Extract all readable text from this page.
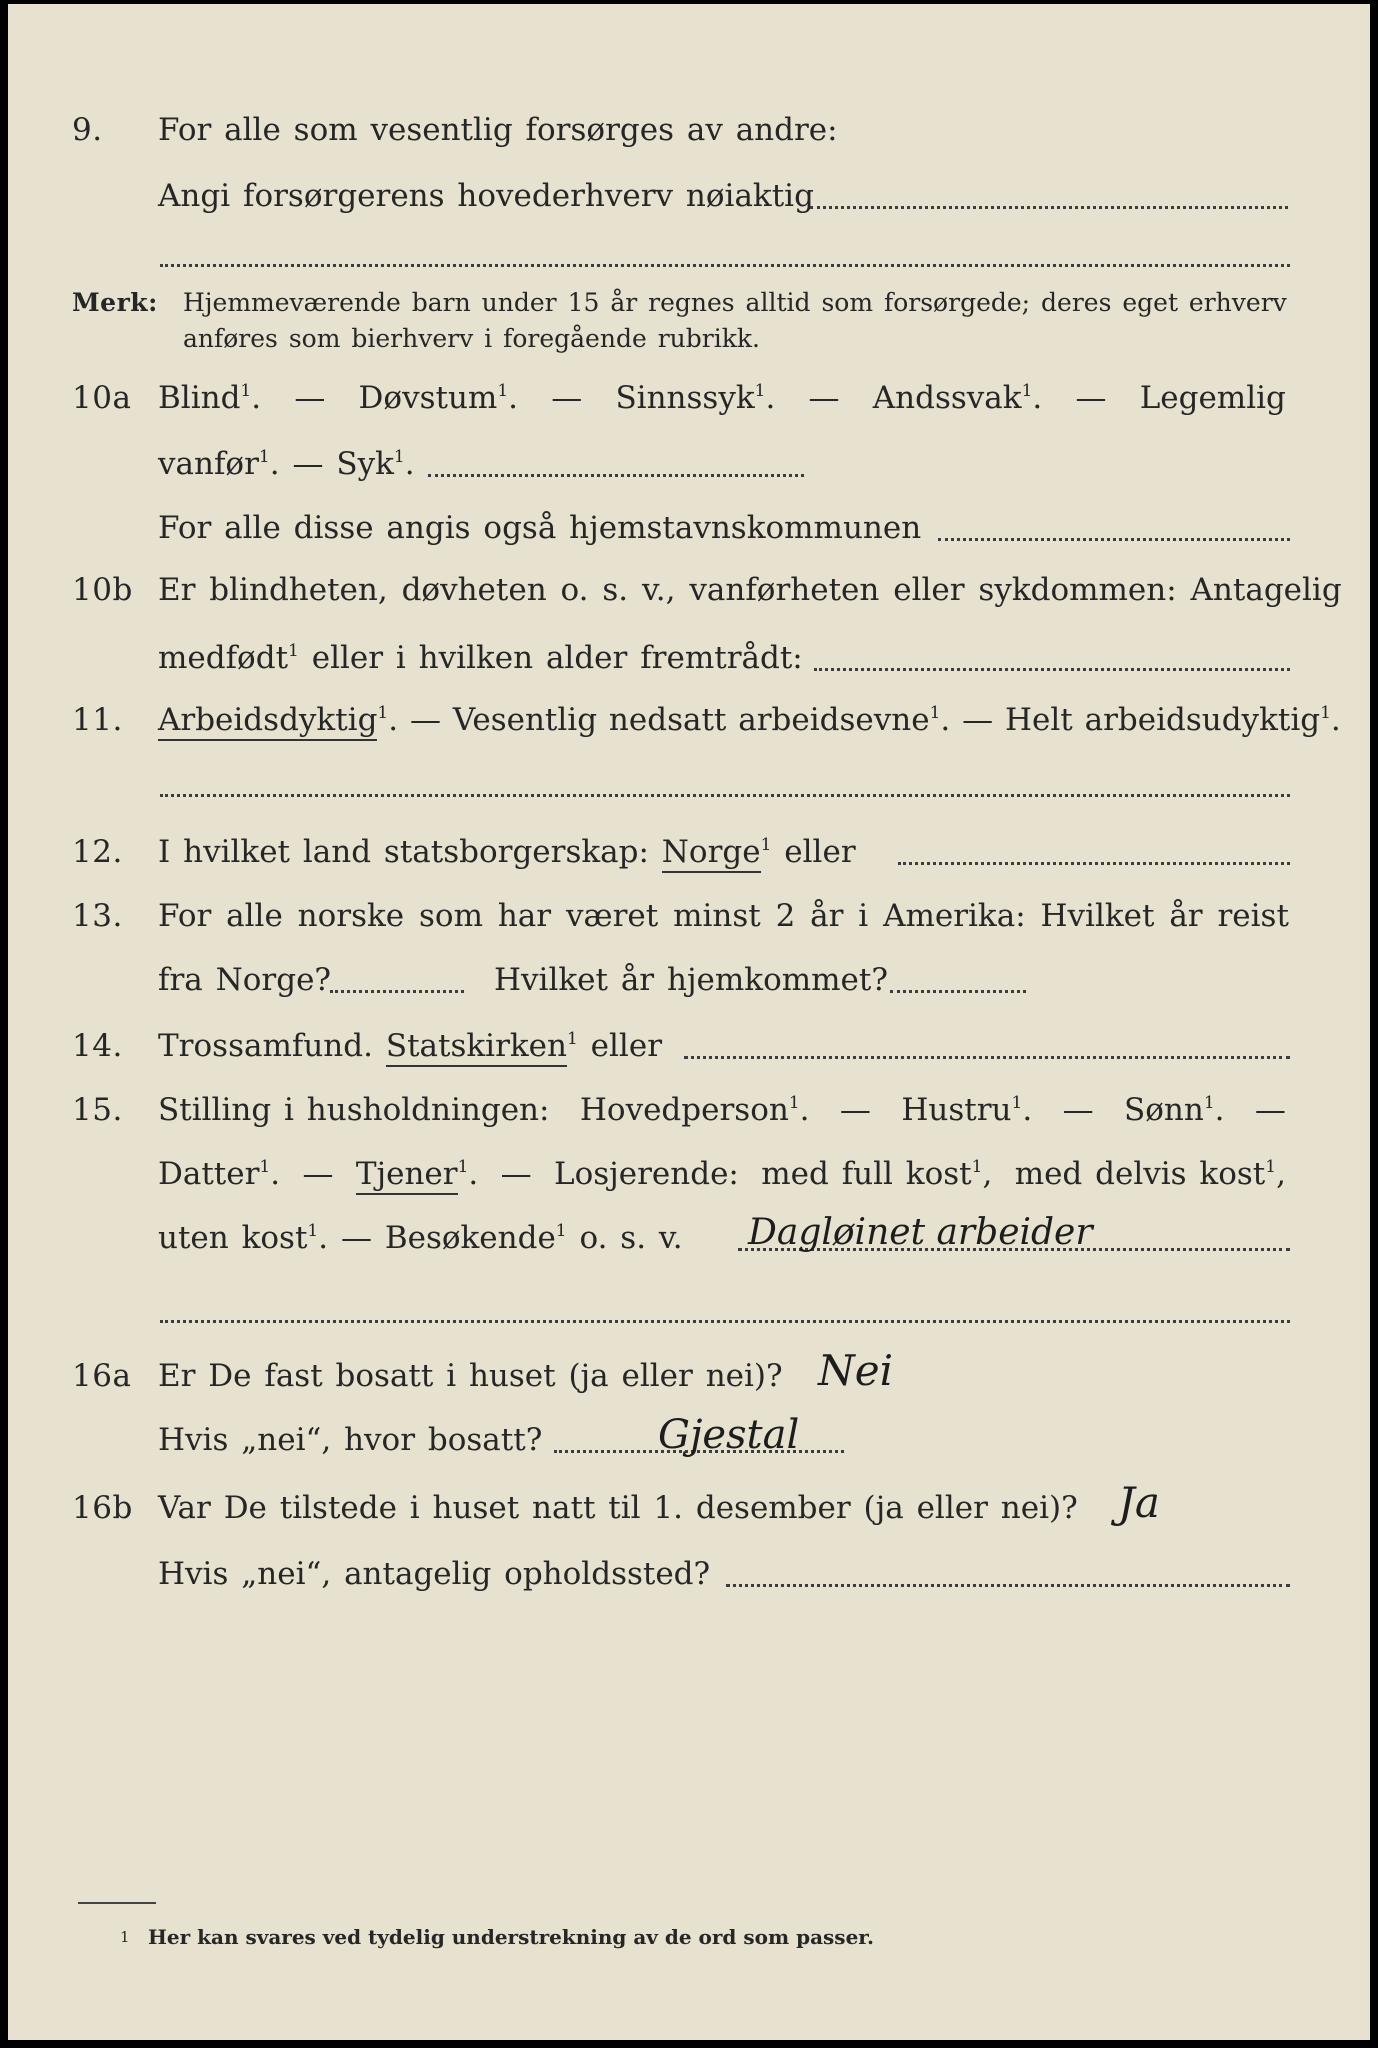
9. For alle som vesentlig forsørges av andre:
Angi forsørgerens hovederhverv nøiaktig
Merk: Hjemmeværende barn under 15 år regnes alltid som forsørgede; deres eget erhverv
anføres som bierhverv i foregående rubrikk.
10a Blind$^1$. — Døvstum$^1$. — Sinnssyk$^1$. — Andssvak$^1$. — Legemlig
vanfør$^1$. — Syk$^1$.
For alle disse angis også hjemstavnskommunen
10b Er blindheten, døvheten o. s. v., vanførheten eller sykdommen: Antagelig
medfødt$^1$ eller i hvilken alder fremtrådt:
11. Arbeidsdyktig$^1$. — Vesentlig nedsatt arbeidsevne$^1$. — Helt arbeidsudyktig$^1$.
12. I hvilket land statsborgerskap: Norge$^1$ eller
13. For alle norske som har været minst 2 år i Amerika: Hvilket år reist
fra Norge?	Hvilket år hjemkommet?
14. Trossamfund. Statskirken$^1$ eller
15. Stilling i husholdningen: Hovedperson$^1$. — Hustru$^1$. — Sønn$^1$. —
Datter$^1$. — Tjener$^1$. — Losjerende: med full kost$^1$, med delvis kost$^1$,
uten kost$^1$. — Besøkende$^1$ o. s. v. Dagløinet arbeider
16a Er De fast bosatt i huset (ja eller nei)? Nei
Hvis „nei“, hvor bosatt?	Gjestal
16b Var De tilstede i huset natt til 1. desember (ja eller nei)? Ja
Hvis „nei“, antagelig opholdssted?
1 Her kan svares ved tydelig understrekning av de ord som passer.
